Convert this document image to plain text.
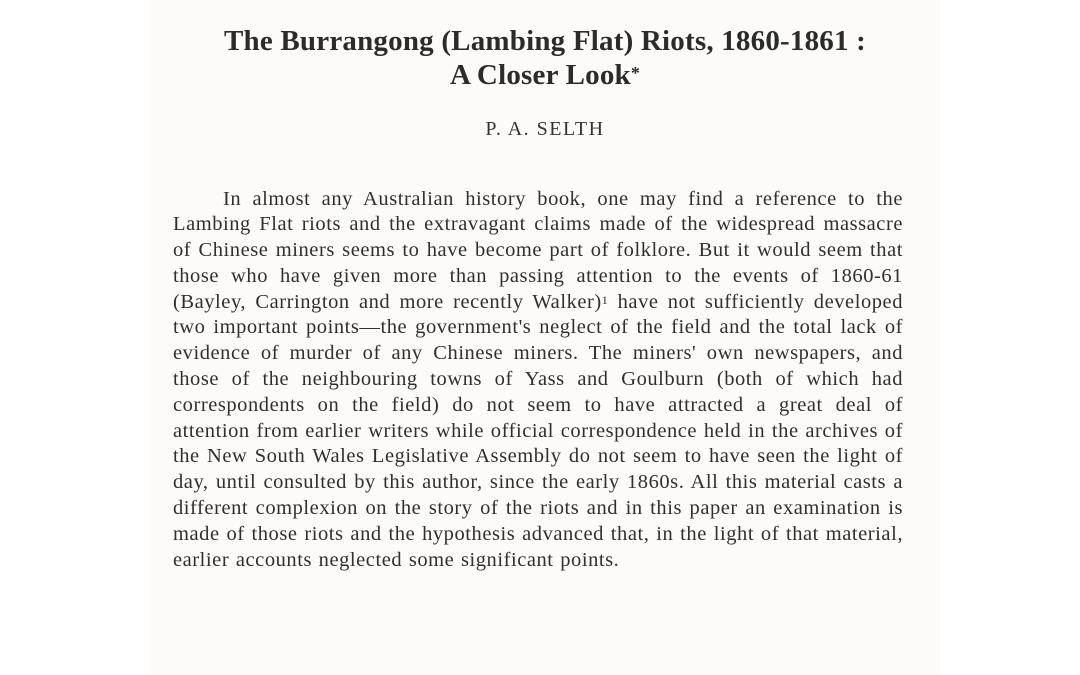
The Burrangong (Lambing Flat) Riots, 1860-1861 :
A Closer Look*
P. A. SELTH

In almost any Australian history book, one may find a reference to the Lambing Flat riots and the extravagant claims made of the widespread massacre of Chinese miners seems to have become part of folklore. But it would seem that those who have given more than passing attention to the events of 1860-61 (Bayley, Carrington and more recently Walker)$^1$ have not sufficiently developed two important points—the government's neglect of the field and the total lack of evidence of murder of any Chinese miners. The miners' own newspapers, and those of the neighbouring towns of Yass and Goulburn (both of which had correspondents on the field) do not seem to have attracted a great deal of attention from earlier writers while official correspondence held in the archives of the New South Wales Legislative Assembly do not seem to have seen the light of day, until consulted by this author, since the early 1860s. All this material casts a different complexion on the story of the riots and in this paper an examination is made of those riots and the hypothesis advanced that, in the light of that material, earlier accounts neglected some significant points.
